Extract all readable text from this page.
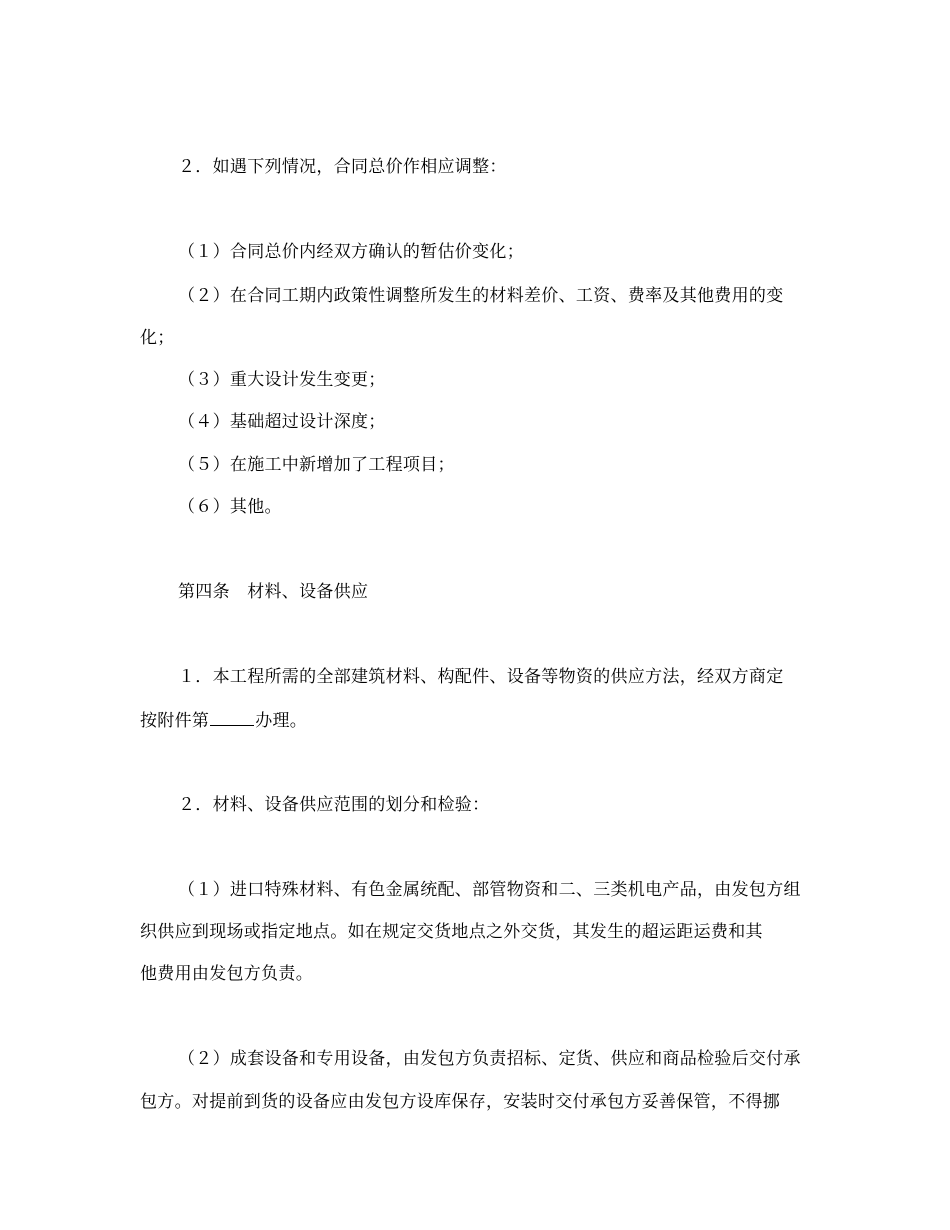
２．如遇下列情况，合同总价作相应调整：
（１）合同总价内经双方确认的暂估价变化；
（２）在合同工期内政策性调整所发生的材料差价、工资、费率及其他费用的变
化；
（３）重大设计发生变更；
（４）基础超过设计深度；
（５）在施工中新增加了工程项目；
（６）其他。
第四条　材料、设备供应
１．本工程所需的全部建筑材料、构配件、设备等物资的供应方法，经双方商定
按附件第	办理。
２．材料、设备供应范围的划分和检验：
（１）进口特殊材料、有色金属统配、部管物资和二、三类机电产品，由发包方组
织供应到现场或指定地点。如在规定交货地点之外交货，其发生的超运距运费和其
他费用由发包方负责。
（２）成套设备和专用设备，由发包方负责招标、定货、供应和商品检验后交付承
包方。对提前到货的设备应由发包方设库保存，安装时交付承包方妥善保管，不得挪
